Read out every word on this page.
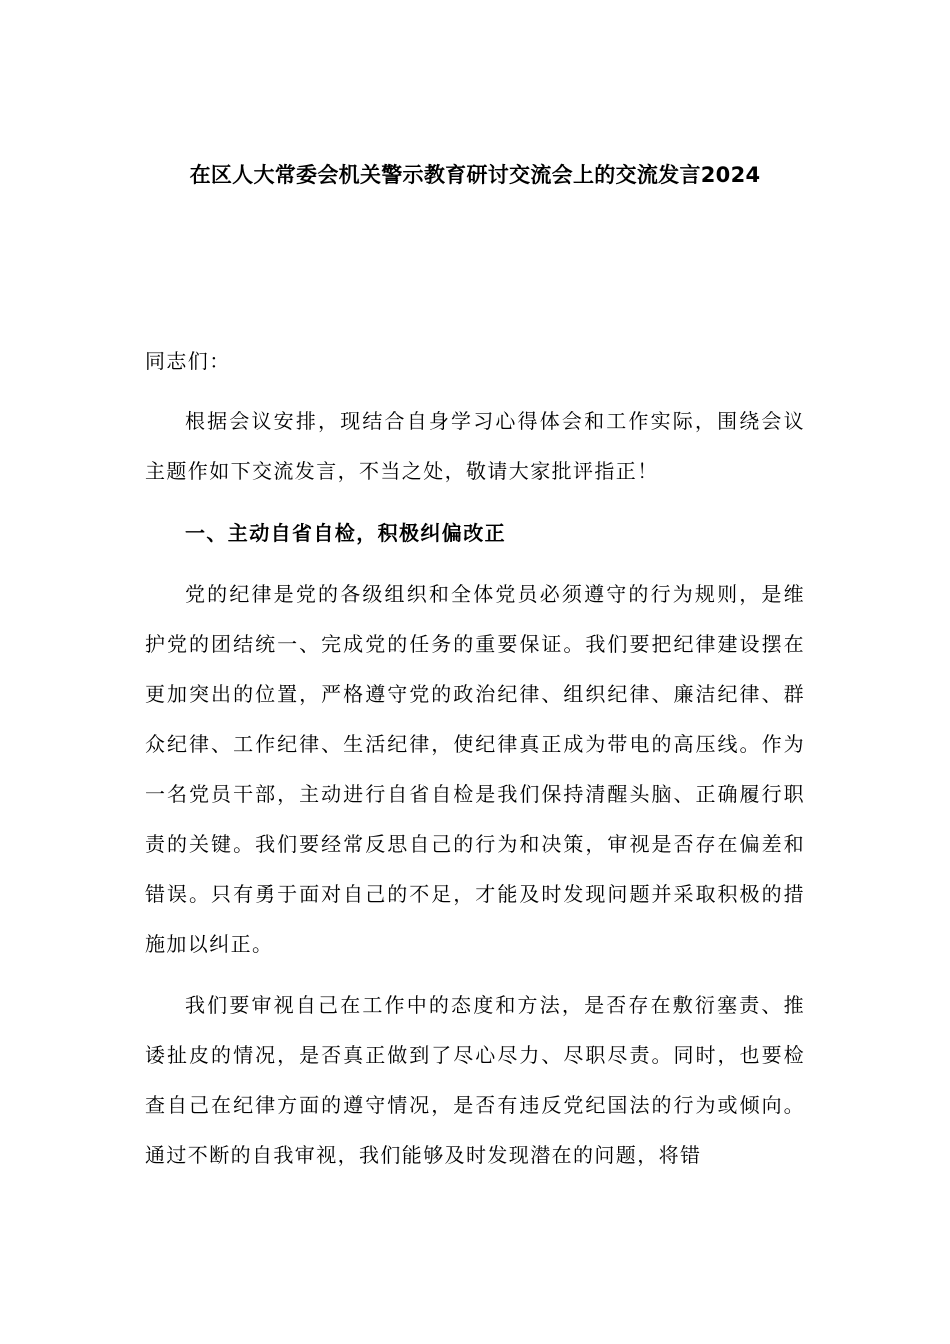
在区人大常委会机关警示教育研讨交流会上的交流发言2024

同志们：

根据会议安排，现结合自身学习心得体会和工作实际，围绕会议主题作如下交流发言，不当之处，敬请大家批评指正！

一、主动自省自检，积极纠偏改正

党的纪律是党的各级组织和全体党员必须遵守的行为规则，是维护党的团结统一、完成党的任务的重要保证。我们要把纪律建设摆在更加突出的位置，严格遵守党的政治纪律、组织纪律、廉洁纪律、群众纪律、工作纪律、生活纪律，使纪律真正成为带电的高压线。作为一名党员干部，主动进行自省自检是我们保持清醒头脑、正确履行职责的关键。我们要经常反思自己的行为和决策，审视是否存在偏差和错误。只有勇于面对自己的不足，才能及时发现问题并采取积极的措施加以纠正。

我们要审视自己在工作中的态度和方法，是否存在敷衍塞责、推诿扯皮的情况，是否真正做到了尽心尽力、尽职尽责。同时，也要检查自己在纪律方面的遵守情况，是否有违反党纪国法的行为或倾向。通过不断的自我审视，我们能够及时发现潜在的问题，将错
